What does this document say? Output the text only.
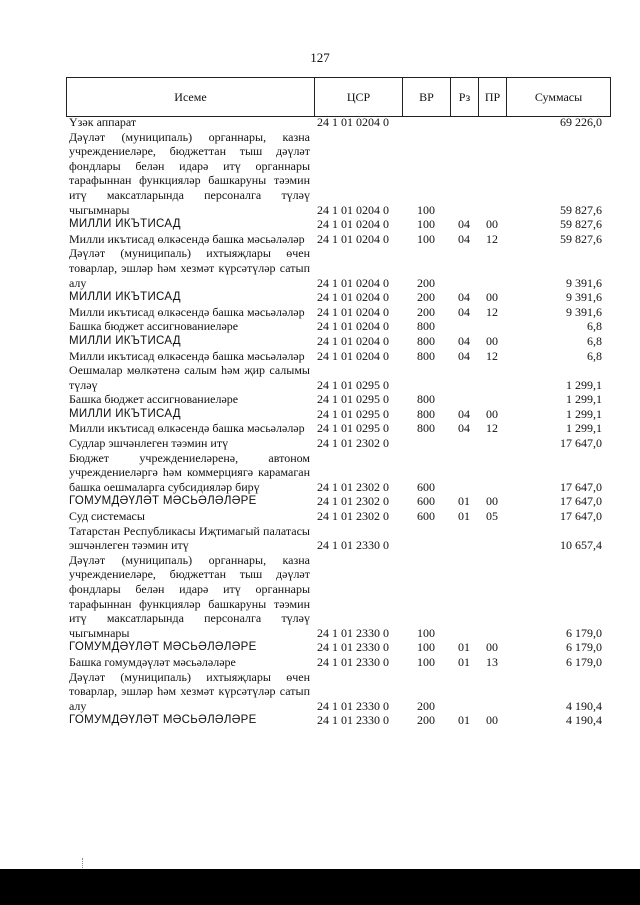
127
Исеме	ЦСР	ВР	Рз	ПР	Суммасы
Үзәк аппарат	24 1 01 0204 0				69 226,0
Дәүләт (муниципаль) органнары, казна учреждениеләре, бюджеттан тыш дәүләт фондлары белән идарә итү органнары тарафыннан функцияләр башкаруны тәэмин итү максатларында персоналга түләү чыгымнары	24 1 01 0204 0	100			59 827,6
МИЛЛИ ИКЪТИСАД	24 1 01 0204 0	100	04	00	59 827,6
Милли икътисад өлкәсендә башка мәсьәләләр	24 1 01 0204 0	100	04	12	59 827,6
Дәүләт (муниципаль) ихтыяҗлары өчен товарлар, эшләр һәм хезмәт күрсәтүләр сатып алу	24 1 01 0204 0	200			9 391,6
МИЛЛИ ИКЪТИСАД	24 1 01 0204 0	200	04	00	9 391,6
Милли икътисад өлкәсендә башка мәсьәләләр	24 1 01 0204 0	200	04	12	9 391,6
Башка бюджет ассигнованиеләре	24 1 01 0204 0	800			6,8
МИЛЛИ ИКЪТИСАД	24 1 01 0204 0	800	04	00	6,8
Милли икътисад өлкәсендә башка мәсьәләләр	24 1 01 0204 0	800	04	12	6,8
Оешмалар мөлкәтенә салым һәм җир салымы түләү	24 1 01 0295 0				1 299,1
Башка бюджет ассигнованиеләре	24 1 01 0295 0	800			1 299,1
МИЛЛИ ИКЪТИСАД	24 1 01 0295 0	800	04	00	1 299,1
Милли икътисад өлкәсендә башка мәсьәләләр	24 1 01 0295 0	800	04	12	1 299,1
Судлар эшчәнлеген тәэмин итү	24 1 01 2302 0				17 647,0
Бюджет учреждениеләренә, автоном учреждениеләргә һәм коммерциягә карамаган башка оешмаларга субсидияләр бирү	24 1 01 2302 0	600			17 647,0
ГОМУМДӘҮЛӘТ МӘСЬӘЛӘЛӘРЕ	24 1 01 2302 0	600	01	00	17 647,0
Суд системасы	24 1 01 2302 0	600	01	05	17 647,0
Татарстан Республикасы Иҗтимагый палатасы эшчәнлеген тәэмин итү	24 1 01 2330 0				10 657,4
Дәүләт (муниципаль) органнары, казна учреждениеләре, бюджеттан тыш дәүләт фондлары белән идарә итү органнары тарафыннан функцияләр башкаруны тәэмин итү максатларында персоналга түләү чыгымнары	24 1 01 2330 0	100			6 179,0
ГОМУМДӘҮЛӘТ МӘСЬӘЛӘЛӘРЕ	24 1 01 2330 0	100	01	00	6 179,0
Башка гомумдәүләт мәсьәләләре	24 1 01 2330 0	100	01	13	6 179,0
Дәүләт (муниципаль) ихтыяҗлары өчен товарлар, эшләр һәм хезмәт күрсәтүләр сатып алу	24 1 01 2330 0	200			4 190,4
ГОМУМДӘҮЛӘТ МӘСЬӘЛӘЛӘРЕ	24 1 01 2330 0	200	01	00	4 190,4
